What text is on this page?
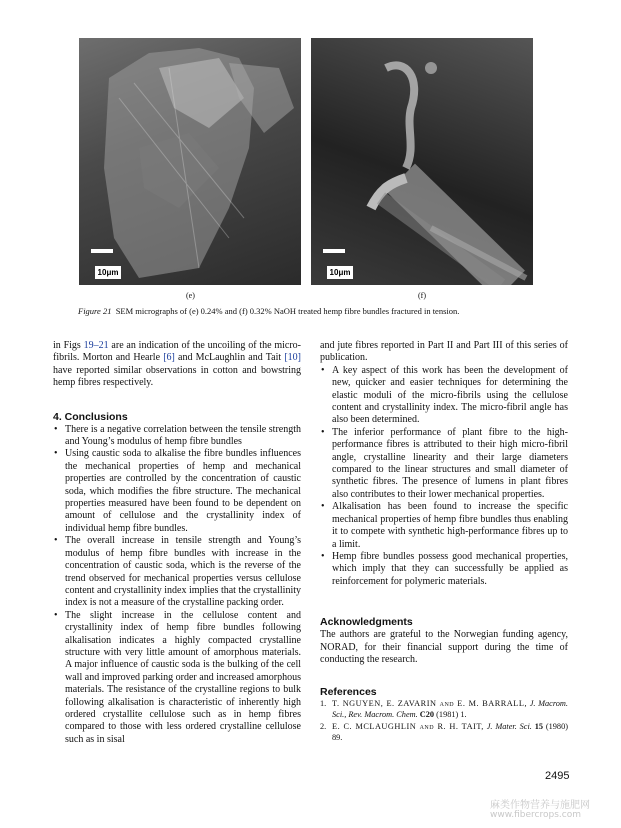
10μm	10μm
(e)	(f)
Figure 21 SEM micrographs of (e) 0.24% and (f) 0.32% NaOH treated hemp fibre bundles fractured in tension.

in Figs 19–21 are an indication of the uncoiling of the micro-fibrils. Morton and Hearle [6] and McLaughlin and Tait [10] have reported similar observations in cotton and bowstring hemp fibres respectively.

4. Conclusions
• There is a negative correlation between the tensile strength and Young’s modulus of hemp fibre bundles
• Using caustic soda to alkalise the fibre bundles influences the mechanical properties of hemp and mechanical properties are controlled by the concentration of caustic soda, which modifies the fibre structure. The mechanical properties measured have been found to be dependent on amount of cellulose and the crystallinity index of individual hemp fibre bundles.
• The overall increase in tensile strength and Young’s modulus of hemp fibre bundles with increase in the concentration of caustic soda, which is the reverse of the trend observed for mechanical properties versus cellulose content and crystallinity index implies that the crystallinity index is not a measure of the crystalline packing order.
• The slight increase in the cellulose content and crystallinity index of hemp fibre bundles following alkalisation indicates a highly compacted crystalline structure with very little amount of amorphous materials. A major influence of caustic soda is the bulking of the cell wall and improved parking order and increased amorphous materials. The resistance of the crystalline regions to bulk following alkalisation is characteristic of inherently high ordered crystallite cellulose such as in hemp fibres compared to those with less ordered crystalline cellulose such as in sisal

and jute fibres reported in Part II and Part III of this series of publication.

• A key aspect of this work has been the development of new, quicker and easier techniques for determining the elastic moduli of the micro-fibrils using the cellulose content and crystallinity index. The micro-fibril angle has also been determined.
• The inferior performance of plant fibre to the high-performance fibres is attributed to their high micro-fibril angle, crystalline linearity and their large diameters compared to the linear structures and small diameter of synthetic fibres. The presence of lumens in plant fibres also contributes to their lower mechanical properties.
• Alkalisation has been found to increase the specific mechanical properties of hemp fibre bundles thus enabling it to compete with synthetic high-performance fibres up to a limit.
• Hemp fibre bundles possess good mechanical properties, which imply that they can successfully be applied as reinforcement for polymeric materials.
Acknowledgments

The authors are grateful to the Norwegian funding agency, NORAD, for their financial support during the time of conducting the research.

References
1. T. NGUYEN, E. ZAVARIN and E. M. BARRALL, J. Macrom. Sci., Rev. Macrom. Chem. C20 (1981) 1.
2. E. C. MCLAUGHLIN and R. H. TAIT, J. Mater. Sci. 15 (1980) 89.
2495
麻类作物营养与施肥网
www.fibercrops.com
